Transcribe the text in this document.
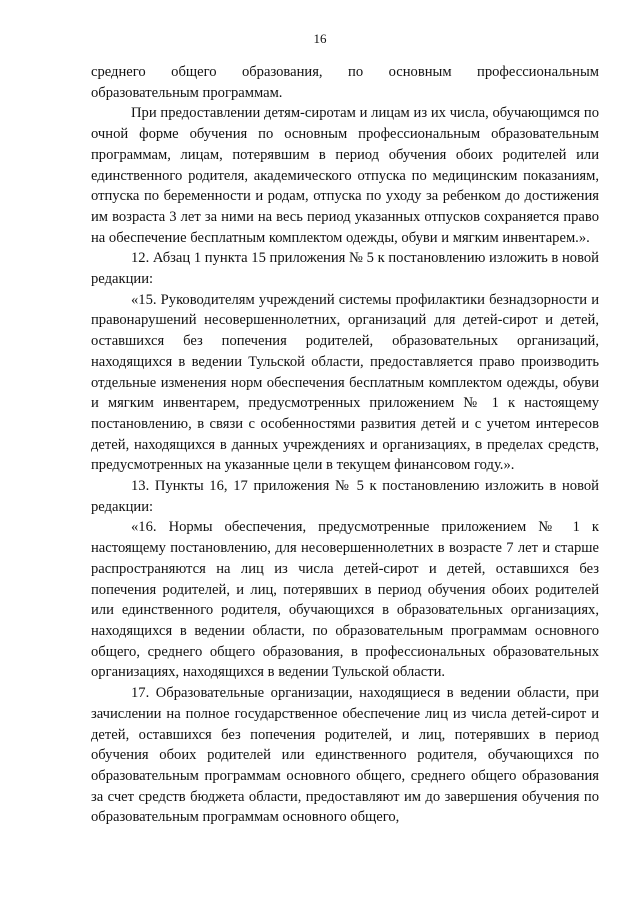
16

среднего общего образования, по основным профессиональным образовательным программам.

При предоставлении детям-сиротам и лицам из их числа, обучающимся по очной форме обучения по основным профессиональным образовательным программам, лицам, потерявшим в период обучения обоих родителей или единственного родителя, академического отпуска по медицинским показаниям, отпуска по беременности и родам, отпуска по уходу за ребенком до достижения им возраста 3 лет за ними на весь период указанных отпусков сохраняется право на обеспечение бесплатным комплектом одежды, обуви и мягким инвентарем.».

12. Абзац 1 пункта 15 приложения № 5 к постановлению изложить в новой редакции:

«15. Руководителям учреждений системы профилактики безнадзорности и правонарушений несовершеннолетних, организаций для детей-сирот и детей, оставшихся без попечения родителей, образовательных организаций, находящихся в ведении Тульской области, предоставляется право производить отдельные изменения норм обеспечения бесплатным комплектом одежды, обуви и мягким инвентарем, предусмотренных приложением № 1 к настоящему постановлению, в связи с особенностями развития детей и с учетом интересов детей, находящихся в данных учреждениях и организациях, в пределах средств, предусмотренных на указанные цели в текущем финансовом году.».

13. Пункты 16, 17 приложения № 5 к постановлению изложить в новой редакции:

«16. Нормы обеспечения, предусмотренные приложением № 1 к настоящему постановлению, для несовершеннолетних в возрасте 7 лет и старше распространяются на лиц из числа детей-сирот и детей, оставшихся без попечения родителей, и лиц, потерявших в период обучения обоих родителей или единственного родителя, обучающихся в образовательных организациях, находящихся в ведении области, по образовательным программам основного общего, среднего общего образования, в профессиональных образовательных организациях, находящихся в ведении Тульской области.

17. Образовательные организации, находящиеся в ведении области, при зачислении на полное государственное обеспечение лиц из числа детей-сирот и детей, оставшихся без попечения родителей, и лиц, потерявших в период обучения обоих родителей или единственного родителя, обучающихся по образовательным программам основного общего, среднего общего образования за счет средств бюджета области, предоставляют им до завершения обучения по образовательным программам основного общего,
